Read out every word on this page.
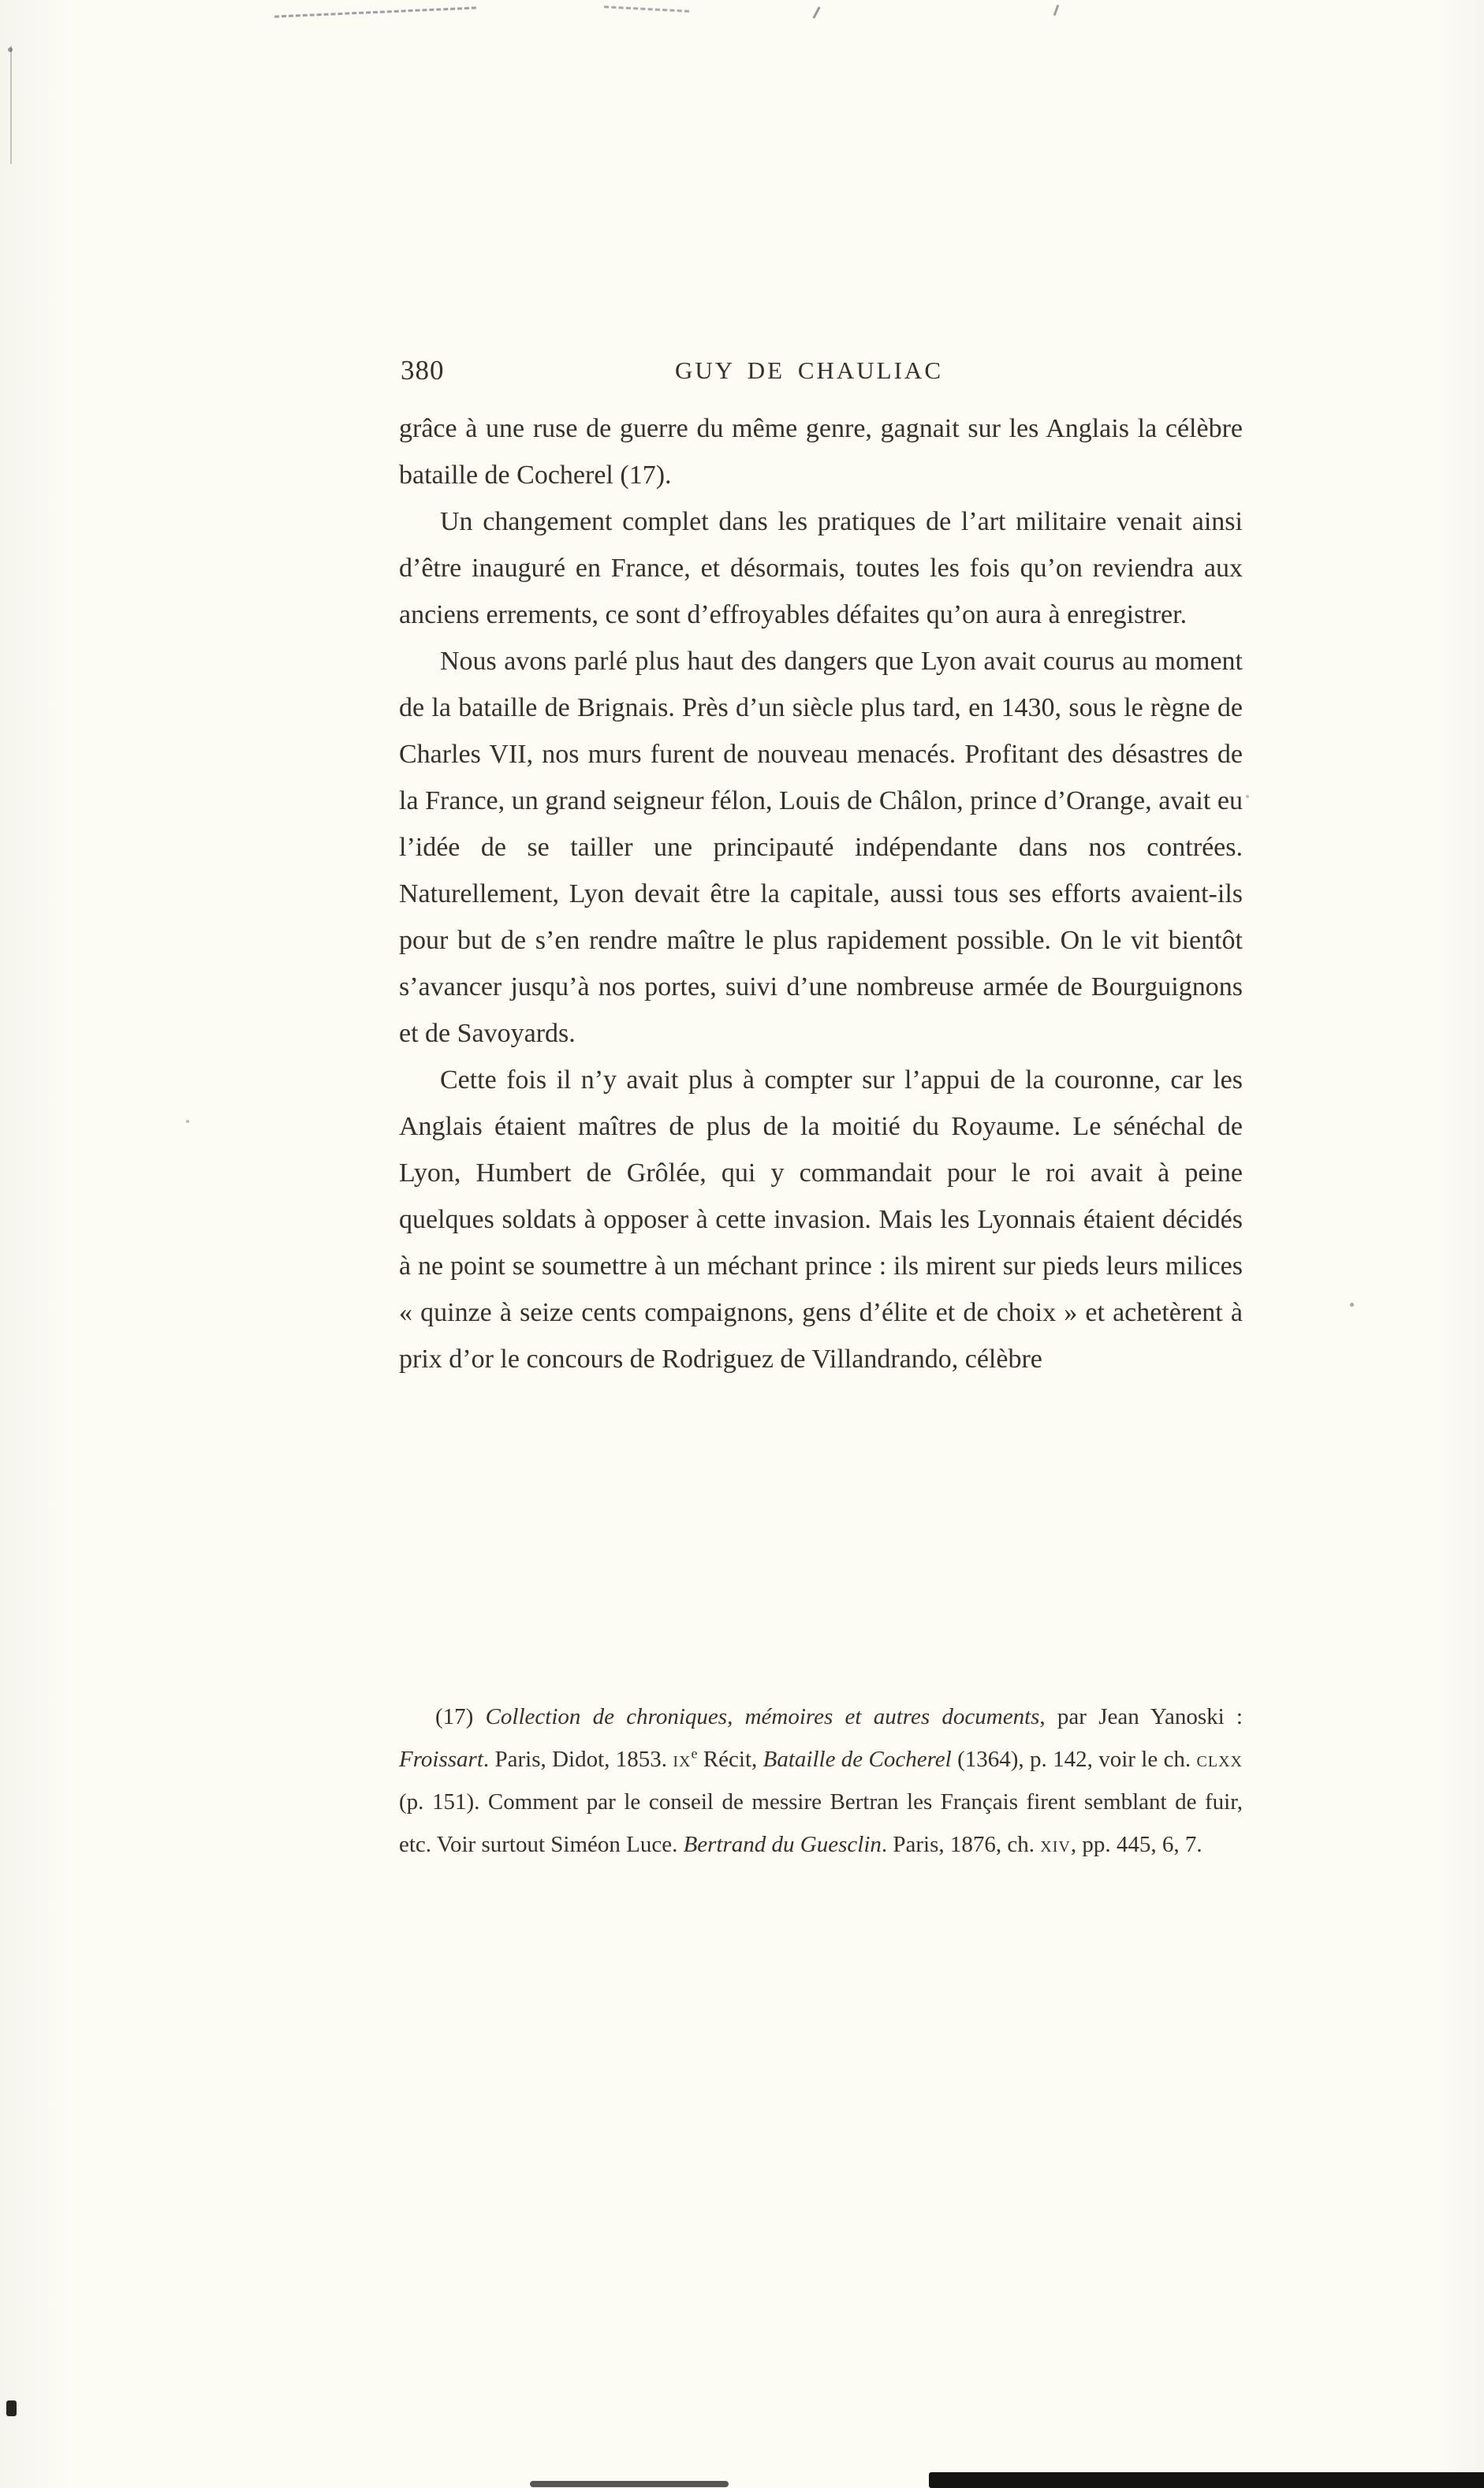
380	GUY DE CHAULIAC

grâce à une ruse de guerre du même genre, gagnait sur les Anglais la célèbre bataille de Cocherel (17).

Un changement complet dans les pratiques de l’art militaire venait ainsi d’être inauguré en France, et désormais, toutes les fois qu’on reviendra aux anciens errements, ce sont d’effroyables défaites qu’on aura à enregistrer.

Nous avons parlé plus haut des dangers que Lyon avait courus au moment de la bataille de Brignais. Près d’un siècle plus tard, en 1430, sous le règne de Charles VII, nos murs furent de nouveau menacés. Profitant des désastres de la France, un grand seigneur félon, Louis de Châlon, prince d’Orange, avait eu l’idée de se tailler une principauté indépendante dans nos contrées. Naturellement, Lyon devait être la capitale, aussi tous ses efforts avaient-ils pour but de s’en rendre maître le plus rapidement possible. On le vit bientôt s’avancer jusqu’à nos portes, suivi d’une nombreuse armée de Bourguignons et de Savoyards.

Cette fois il n’y avait plus à compter sur l’appui de la couronne, car les Anglais étaient maîtres de plus de la moitié du Royaume. Le sénéchal de Lyon, Humbert de Grôlée, qui y commandait pour le roi avait à peine quelques soldats à opposer à cette invasion. Mais les Lyonnais étaient décidés à ne point se soumettre à un méchant prince : ils mirent sur pieds leurs milices « quinze à seize cents compaignons, gens d’élite et de choix » et achetèrent à prix d’or le concours de Rodriguez de Villandrando, célèbre

(17) Collection de chroniques, mémoires et autres documents, par Jean Yanoski : Froissart. Paris, Didot, 1853. $ix^e$ Récit, Bataille de Cocherel (1364), p. 142, voir le ch. clxx (p. 151). Comment par le conseil de messire Bertran les Français firent semblant de fuir, etc. Voir surtout Siméon Luce. Bertrand du Guesclin. Paris, 1876, ch. xiv, pp. 445, 6, 7.
